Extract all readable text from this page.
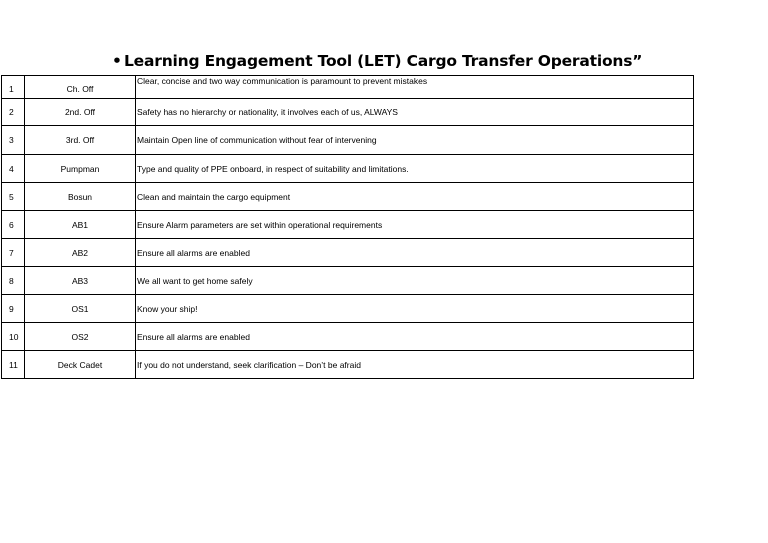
• Learning Engagement Tool (LET) Cargo Transfer Operations”
1	Ch. Off	Clear, concise and two way communication is paramount to prevent mistakes
2	2nd. Off	Safety has no hierarchy or nationality, it involves each of us, ALWAYS
3	3rd. Off	Maintain Open line of communication without fear of intervening
4	Pumpman	Type and quality of PPE onboard, in respect of suitability and limitations.
5	Bosun	Clean and maintain the cargo equipment
6	AB1	Ensure Alarm parameters are set within operational requirements
7	AB2	Ensure all alarms are enabled
8	AB3	We all want to get home safely
9	OS1	Know your ship!
10	OS2	Ensure all alarms are enabled
11	Deck Cadet	If you do not understand, seek clarification – Don’t be afraid
